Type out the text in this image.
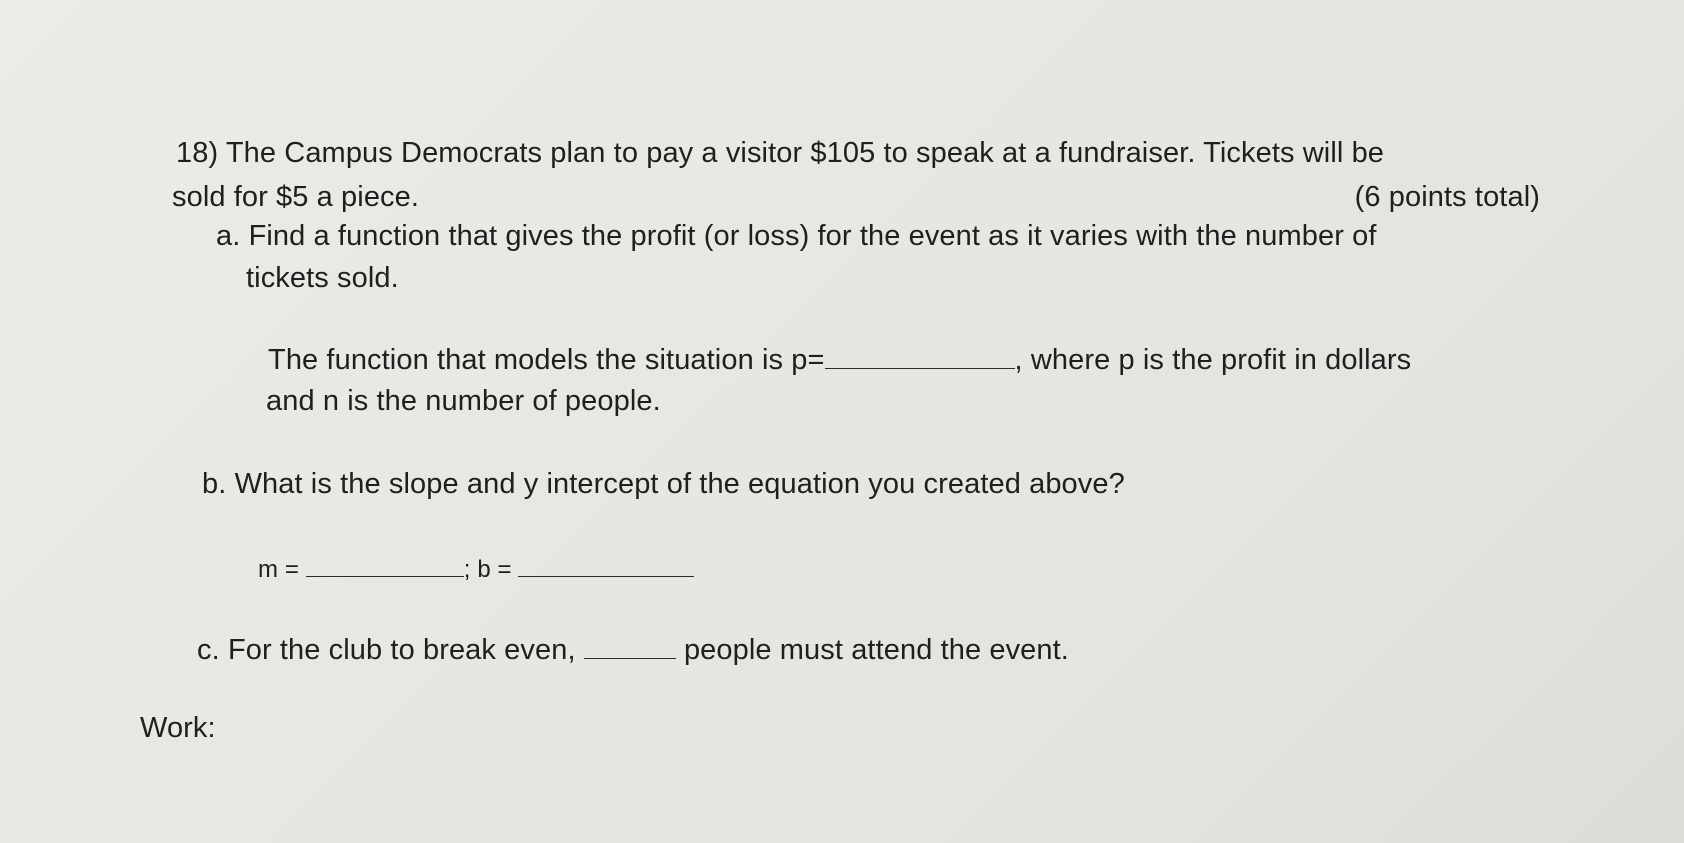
18) The Campus Democrats plan to pay a visitor $105 to speak at a fundraiser. Tickets will be
sold for $5 a piece.	(6 points total)
a. Find a function that gives the profit (or loss) for the event as it varies with the number of
tickets sold.
The function that models the situation is p=	, where p is the profit in dollars
and n is the number of people.
b. What is the slope and y intercept of the equation you created above?
m =	; b =
c. For the club to break even,	people must attend the event.
Work:
